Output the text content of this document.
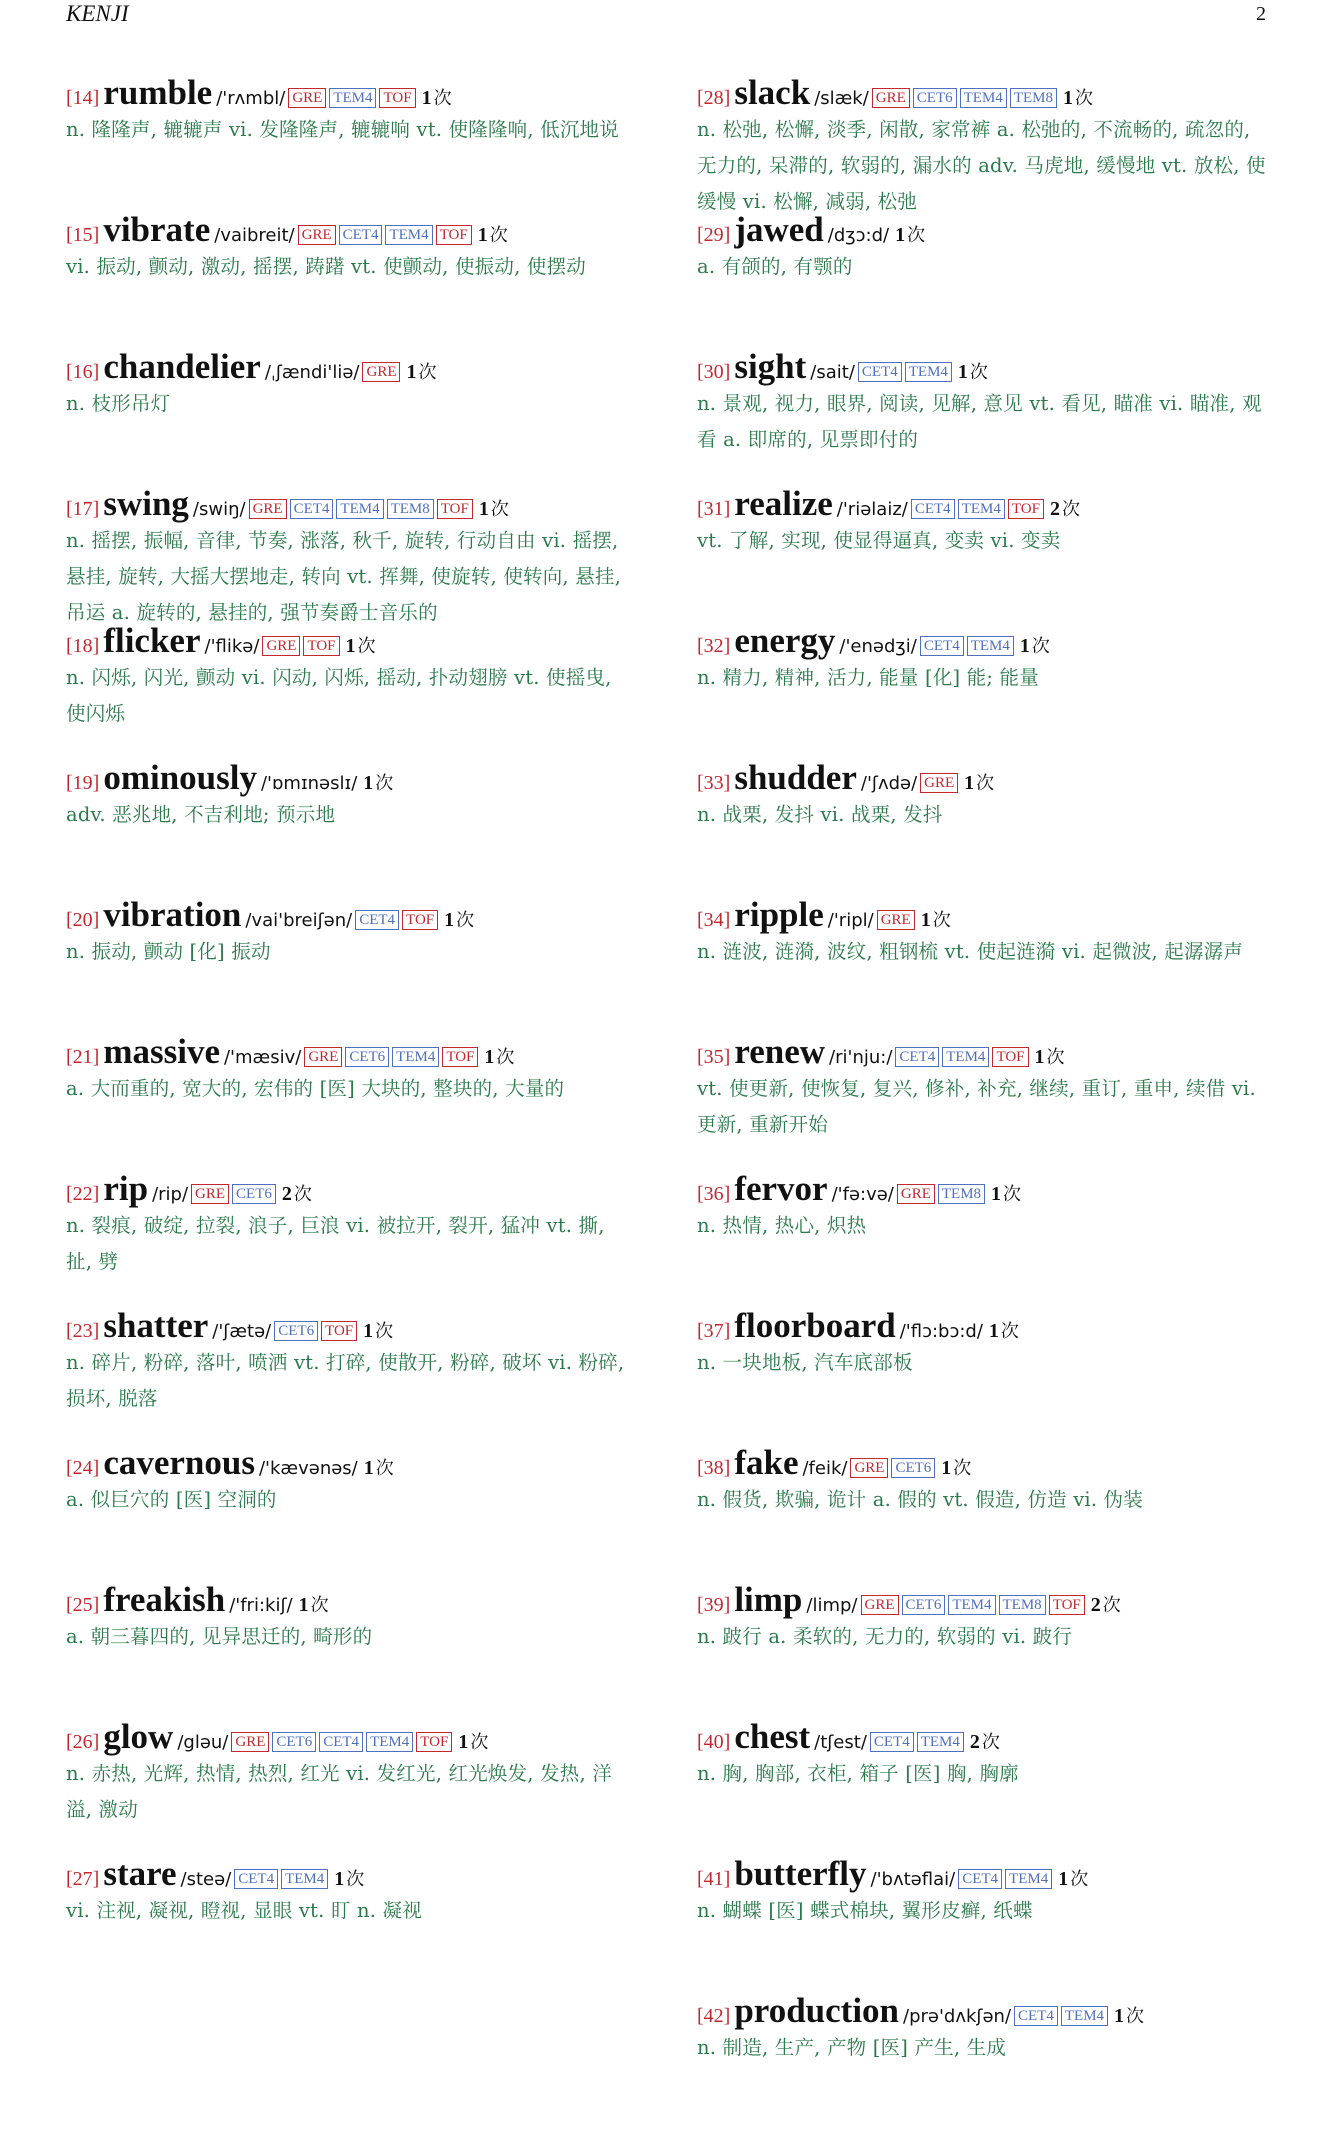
KENJI	2
[14] rumble /'rʌmbl/ GRE TEM4 TOF 1 次
n. 隆隆声, 辘辘声 vi. 发隆隆声, 辘辘响 vt. 使隆隆响, 低沉地说
[15] vibrate /vaibreit/ GRE CET4 TEM4 TOF 1 次
vi. 振动, 颤动, 激动, 摇摆, 踌躇 vt. 使颤动, 使振动, 使摆动
[16] chandelier /ˌʃændi'liə/ GRE 1 次
n. 枝形吊灯
[17] swing /swiŋ/ GRE CET4 TEM4 TEM8 TOF 1 次
n. 摇摆, 振幅, 音律, 节奏, 涨落, 秋千, 旋转, 行动自由 vi. 摇摆, 悬挂, 旋转, 大摇大摆地走, 转向 vt. 挥舞, 使旋转, 使转向, 悬挂, 吊运 a. 旋转的, 悬挂的, 强节奏爵士音乐的
[18] flicker /'flikə/ GRE TOF 1 次
n. 闪烁, 闪光, 颤动 vi. 闪动, 闪烁, 摇动, 扑动翅膀 vt. 使摇曳, 使闪烁
[19] ominously /'ɒmɪnəslɪ/ 1 次
adv. 恶兆地, 不吉利地; 预示地
[20] vibration /vai'breiʃən/ CET4 TOF 1 次
n. 振动, 颤动 [化] 振动
[21] massive /'mæsiv/ GRE CET6 TEM4 TOF 1 次
a. 大而重的, 宽大的, 宏伟的 [医] 大块的, 整块的, 大量的
[22] rip /rip/ GRE CET6 2 次
n. 裂痕, 破绽, 拉裂, 浪子, 巨浪 vi. 被拉开, 裂开, 猛冲 vt. 撕, 扯, 劈
[23] shatter /'ʃætə/ CET6 TOF 1 次
n. 碎片, 粉碎, 落叶, 喷洒 vt. 打碎, 使散开, 粉碎, 破坏 vi. 粉碎, 损坏, 脱落
[24] cavernous /'kævənəs/ 1 次
a. 似巨穴的 [医] 空洞的
[25] freakish /'fri:kiʃ/ 1 次
a. 朝三暮四的, 见异思迁的, 畸形的
[26] glow /gləu/ GRE CET6 CET4 TEM4 TOF 1 次
n. 赤热, 光辉, 热情, 热烈, 红光 vi. 发红光, 红光焕发, 发热, 洋溢, 激动
[27] stare /steə/ CET4 TEM4 1 次
vi. 注视, 凝视, 瞪视, 显眼 vt. 盯 n. 凝视
[28] slack /slæk/ GRE CET6 TEM4 TEM8 1 次
n. 松弛, 松懈, 淡季, 闲散, 家常裤 a. 松弛的, 不流畅的, 疏忽的, 无力的, 呆滞的, 软弱的, 漏水的 adv. 马虎地, 缓慢地 vt. 放松, 使缓慢 vi. 松懈, 减弱, 松弛
[29] jawed /dʒɔ:d/ 1 次
a. 有颌的, 有颚的
[30] sight /sait/ CET4 TEM4 1 次
n. 景观, 视力, 眼界, 阅读, 见解, 意见 vt. 看见, 瞄准 vi. 瞄准, 观看 a. 即席的, 见票即付的
[31] realize /'riəlaiz/ CET4 TEM4 TOF 2 次
vt. 了解, 实现, 使显得逼真, 变卖 vi. 变卖
[32] energy /'enədʒi/ CET4 TEM4 1 次
n. 精力, 精神, 活力, 能量 [化] 能; 能量
[33] shudder /'ʃʌdə/ GRE 1 次
n. 战栗, 发抖 vi. 战栗, 发抖
[34] ripple /'ripl/ GRE 1 次
n. 涟波, 涟漪, 波纹, 粗钢梳 vt. 使起涟漪 vi. 起微波, 起潺潺声
[35] renew /ri'nju:/ CET4 TEM4 TOF 1 次
vt. 使更新, 使恢复, 复兴, 修补, 补充, 继续, 重订, 重申, 续借 vi. 更新, 重新开始
[36] fervor /'fə:və/ GRE TEM8 1 次
n. 热情, 热心, 炽热
[37] floorboard /'flɔ:bɔ:d/ 1 次
n. 一块地板, 汽车底部板
[38] fake /feik/ GRE CET6 1 次
n. 假货, 欺骗, 诡计 a. 假的 vt. 假造, 仿造 vi. 伪装
[39] limp /limp/ GRE CET6 TEM4 TEM8 TOF 2 次
n. 跛行 a. 柔软的, 无力的, 软弱的 vi. 跛行
[40] chest /tʃest/ CET4 TEM4 2 次
n. 胸, 胸部, 衣柜, 箱子 [医] 胸, 胸廓
[41] butterfly /'bʌtəflai/ CET4 TEM4 1 次
n. 蝴蝶 [医] 蝶式棉块, 翼形皮癣, 纸蝶
[42] production /prə'dʌkʃən/ CET4 TEM4 1 次
n. 制造, 生产, 产物 [医] 产生, 生成
